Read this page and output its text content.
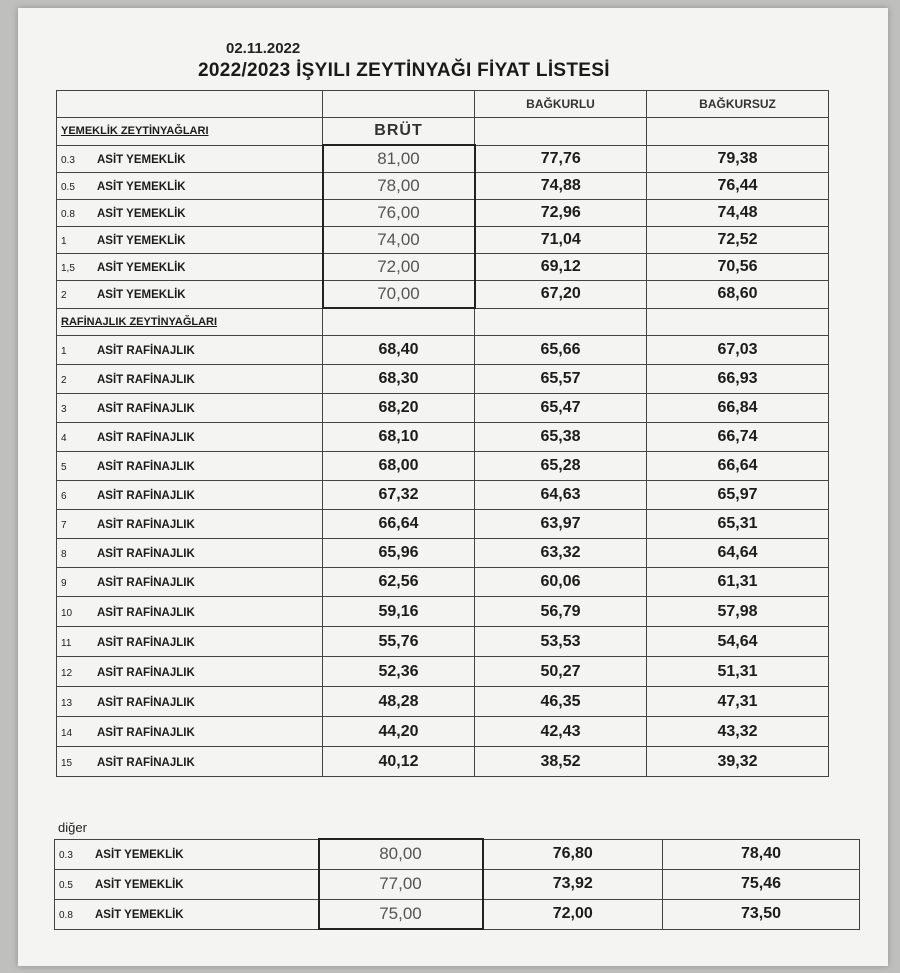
02.11.2022
2022/2023 İŞYILI ZEYTİNYAĞI FİYAT LİSTESİ
		BAĞKURLU	BAĞKURSUZ
YEMEKLİK ZEYTİNYAĞLARI	BRÜT		
0.3 ASİT YEMEKLİK	81,00	77,76	79,38
0.5 ASİT YEMEKLİK	78,00	74,88	76,44
0.8 ASİT YEMEKLİK	76,00	72,96	74,48
1 ASİT YEMEKLİK	74,00	71,04	72,52
1,5 ASİT YEMEKLİK	72,00	69,12	70,56
2 ASİT YEMEKLİK	70,00	67,20	68,60
RAFİNAJLIK ZEYTİNYAĞLARI			
1 ASİT RAFİNAJLIK	68,40	65,66	67,03
2 ASİT RAFİNAJLIK	68,30	65,57	66,93
3 ASİT RAFİNAJLIK	68,20	65,47	66,84
4 ASİT RAFİNAJLIK	68,10	65,38	66,74
5 ASİT RAFİNAJLIK	68,00	65,28	66,64
6 ASİT RAFİNAJLIK	67,32	64,63	65,97
7 ASİT RAFİNAJLIK	66,64	63,97	65,31
8 ASİT RAFİNAJLIK	65,96	63,32	64,64
9 ASİT RAFİNAJLIK	62,56	60,06	61,31
10 ASİT RAFİNAJLIK	59,16	56,79	57,98
11 ASİT RAFİNAJLIK	55,76	53,53	54,64
12 ASİT RAFİNAJLIK	52,36	50,27	51,31
13 ASİT RAFİNAJLIK	48,28	46,35	47,31
14 ASİT RAFİNAJLIK	44,20	42,43	43,32
15 ASİT RAFİNAJLIK	40,12	38,52	39,32
diğer
0.3 ASİT YEMEKLİK	80,00	76,80	78,40
0.5 ASİT YEMEKLİK	77,00	73,92	75,46
0.8 ASİT YEMEKLİK	75,00	72,00	73,50
